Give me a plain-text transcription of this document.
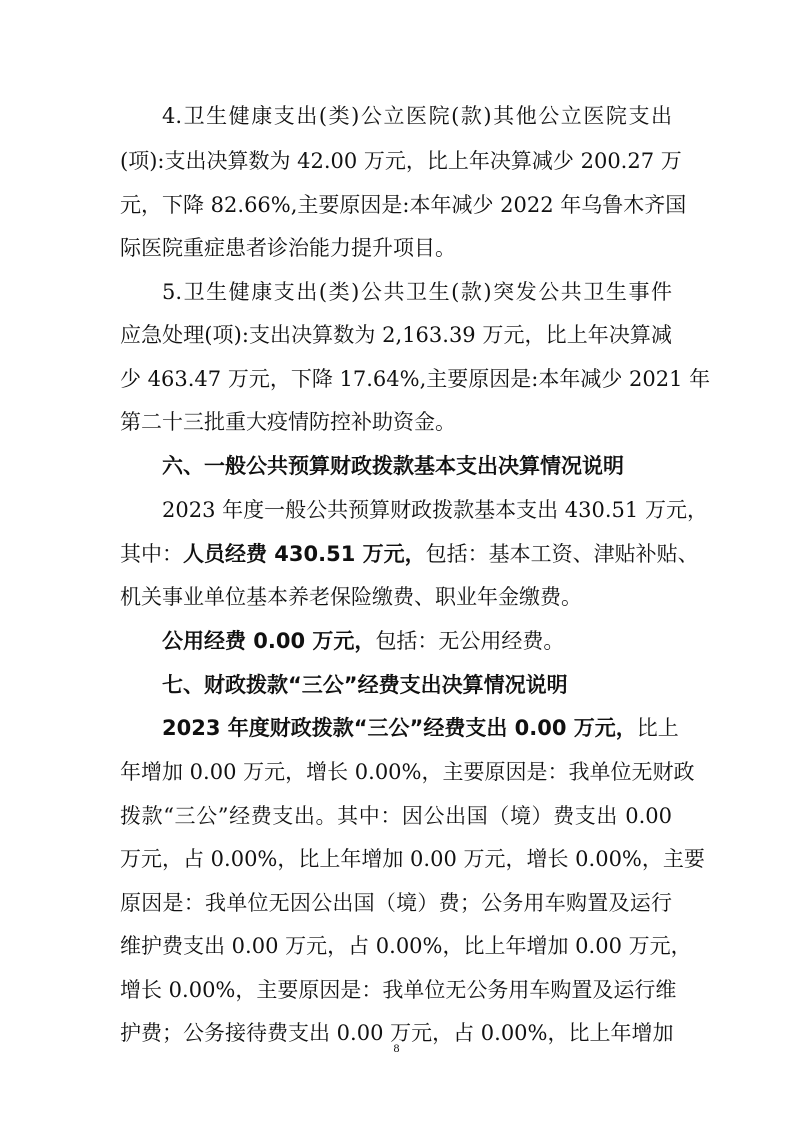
4.卫生健康支出(类)公立医院(款)其他公立医院支出
(项):支出决算数为 42.00 万元，比上年决算减少 200.27 万
元，下降 82.66%,主要原因是:本年减少 2022 年乌鲁木齐国
际医院重症患者诊治能力提升项目。
5.卫生健康支出(类)公共卫生(款)突发公共卫生事件
应急处理(项):支出决算数为 2,163.39 万元，比上年决算减
少 463.47 万元，下降 17.64%,主要原因是:本年减少 2021 年
第二十三批重大疫情防控补助资金。
六、一般公共预算财政拨款基本支出决算情况说明
2023 年度一般公共预算财政拨款基本支出 430.51 万元，
其中：人员经费 430.51 万元，包括：基本工资、津贴补贴、
机关事业单位基本养老保险缴费、职业年金缴费。
公用经费 0.00 万元，包括：无公用经费。
七、财政拨款“三公”经费支出决算情况说明
2023 年度财政拨款“三公”经费支出 0.00 万元，比上
年增加 0.00 万元，增长 0.00%，主要原因是：我单位无财政
拨款“三公”经费支出。其中：因公出国（境）费支出 0.00
万元，占 0.00%，比上年增加 0.00 万元，增长 0.00%，主要
原因是：我单位无因公出国（境）费；公务用车购置及运行
维护费支出 0.00 万元，占 0.00%，比上年增加 0.00 万元，
增长 0.00%，主要原因是：我单位无公务用车购置及运行维
护费；公务接待费支出 0.00 万元，占 0.00%，比上年增加
8
